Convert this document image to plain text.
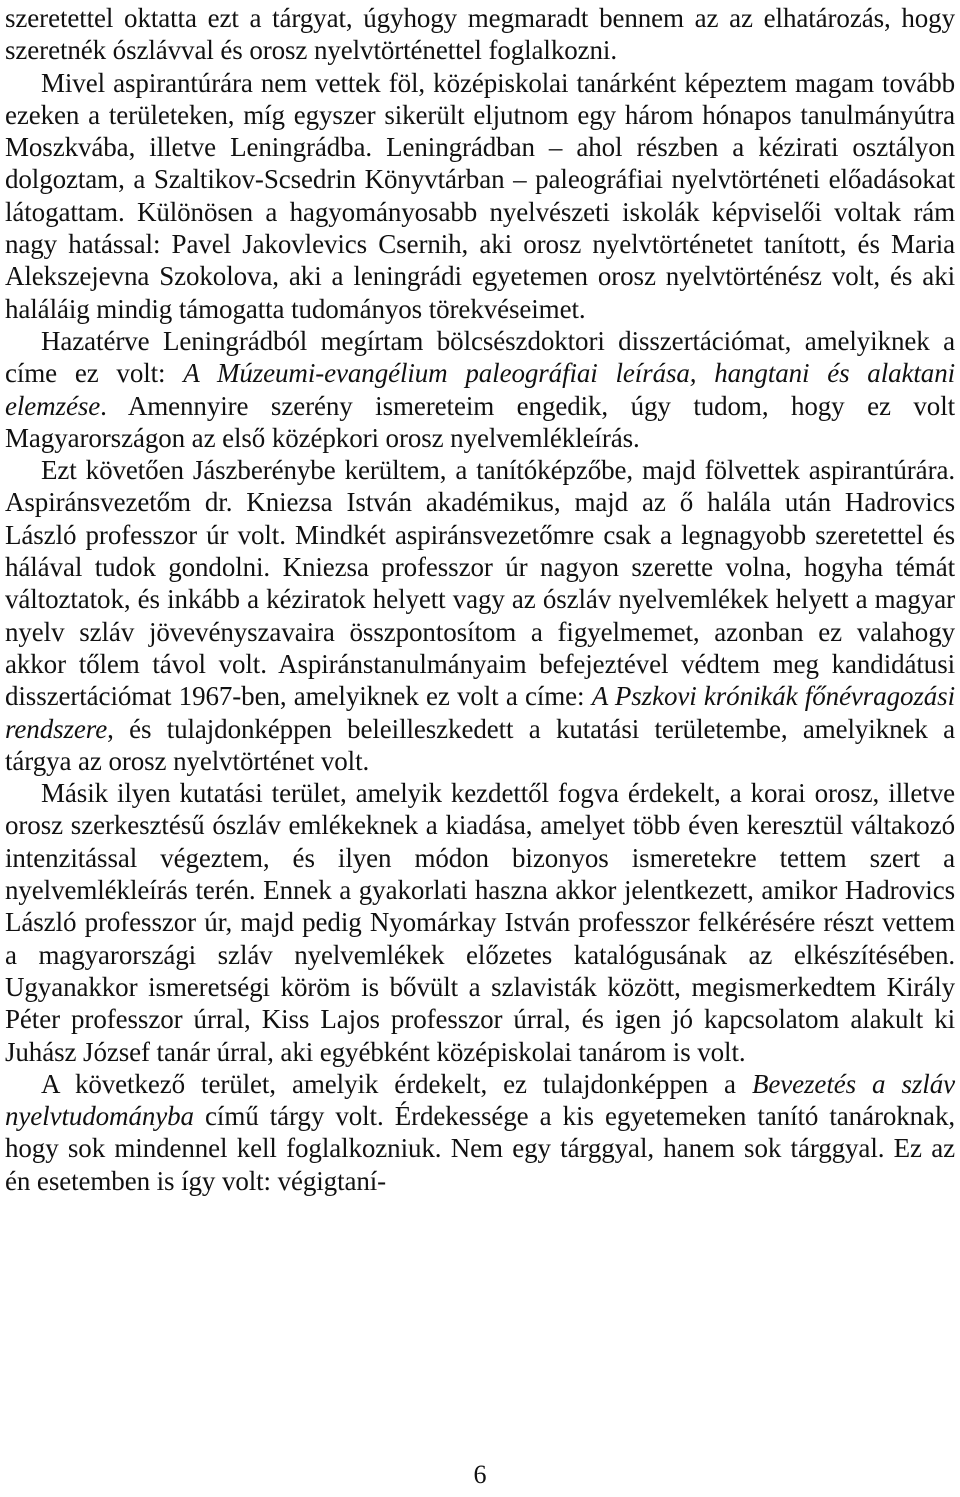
szeretettel oktatta ezt a tárgyat, úgyhogy megmaradt bennem az az elhatározás, hogy szeretnék ószlávval és orosz nyelvtörténettel foglalkozni.

Mivel aspirantúrára nem vettek föl, középiskolai tanárként képeztem magam tovább ezeken a területeken, míg egyszer sikerült eljutnom egy három hónapos tanulmányútra Moszkvába, illetve Leningrádba. Leningrádban – ahol részben a kézirati osztályon dolgoztam, a Szaltikov-Scsedrin Könyvtárban – paleográfiai nyelvtörténeti előadásokat látogattam. Különösen a hagyományosabb nyelvészeti iskolák képviselői voltak rám nagy hatással: Pavel Jakovlevics Csernih, aki orosz nyelvtörténetet tanított, és Maria Alekszejevna Szokolova, aki a leningrádi egyetemen orosz nyelvtörténész volt, és aki haláláig mindig támogatta tudományos törekvéseimet.

Hazatérve Leningrádból megírtam bölcsészdoktori disszertációmat, amelyiknek a címe ez volt: A Múzeumi-evangélium paleográfiai leírása, hangtani és alaktani elemzése. Amennyire szerény ismereteim engedik, úgy tudom, hogy ez volt Magyarországon az első középkori orosz nyelvemlékleírás.

Ezt követően Jászberénybe kerültem, a tanítóképzőbe, majd fölvettek aspirantúrára. Aspiránsvezetőm dr. Kniezsa István akadémikus, majd az ő halála után Hadrovics László professzor úr volt. Mindkét aspiránsvezetőmre csak a legnagyobb szeretettel és hálával tudok gondolni. Kniezsa professzor úr nagyon szerette volna, hogyha témát változtatok, és inkább a kéziratok helyett vagy az ószláv nyelvemlékek helyett a magyar nyelv szláv jövevényszavaira összpontosítom a figyelmemet, azonban ez valahogy akkor tőlem távol volt. Aspiránstanulmányaim befejeztével védtem meg kandidátusi disszertációmat 1967-ben, amelyiknek ez volt a címe: A Pszkovi krónikák főnévragozási rendszere, és tulajdonképpen beleilleszkedett a kutatási területembe, amelyiknek a tárgya az orosz nyelvtörténet volt.

Másik ilyen kutatási terület, amelyik kezdettől fogva érdekelt, a korai orosz, illetve orosz szerkesztésű ószláv emlékeknek a kiadása, amelyet több éven keresztül váltakozó intenzitással végeztem, és ilyen módon bizonyos ismeretekre tettem szert a nyelvemlékleírás terén. Ennek a gyakorlati haszna akkor jelentkezett, amikor Hadrovics László professzor úr, majd pedig Nyomárkay István professzor felkérésére részt vettem a magyarországi szláv nyelvemlékek előzetes katalógusának az elkészítésében. Ugyanakkor ismeretségi köröm is bővült a szlavisták között, megismerkedtem Király Péter professzor úrral, Kiss Lajos professzor úrral, és igen jó kapcsolatom alakult ki Juhász József tanár úrral, aki egyébként középiskolai tanárom is volt.

A következő terület, amelyik érdekelt, ez tulajdonképpen a Bevezetés a szláv nyelvtudományba című tárgy volt. Érdekessége a kis egyetemeken tanító tanároknak, hogy sok mindennel kell foglalkozniuk. Nem egy tárggyal, hanem sok tárggyal. Ez az én esetemben is így volt: végigtaní-

6
